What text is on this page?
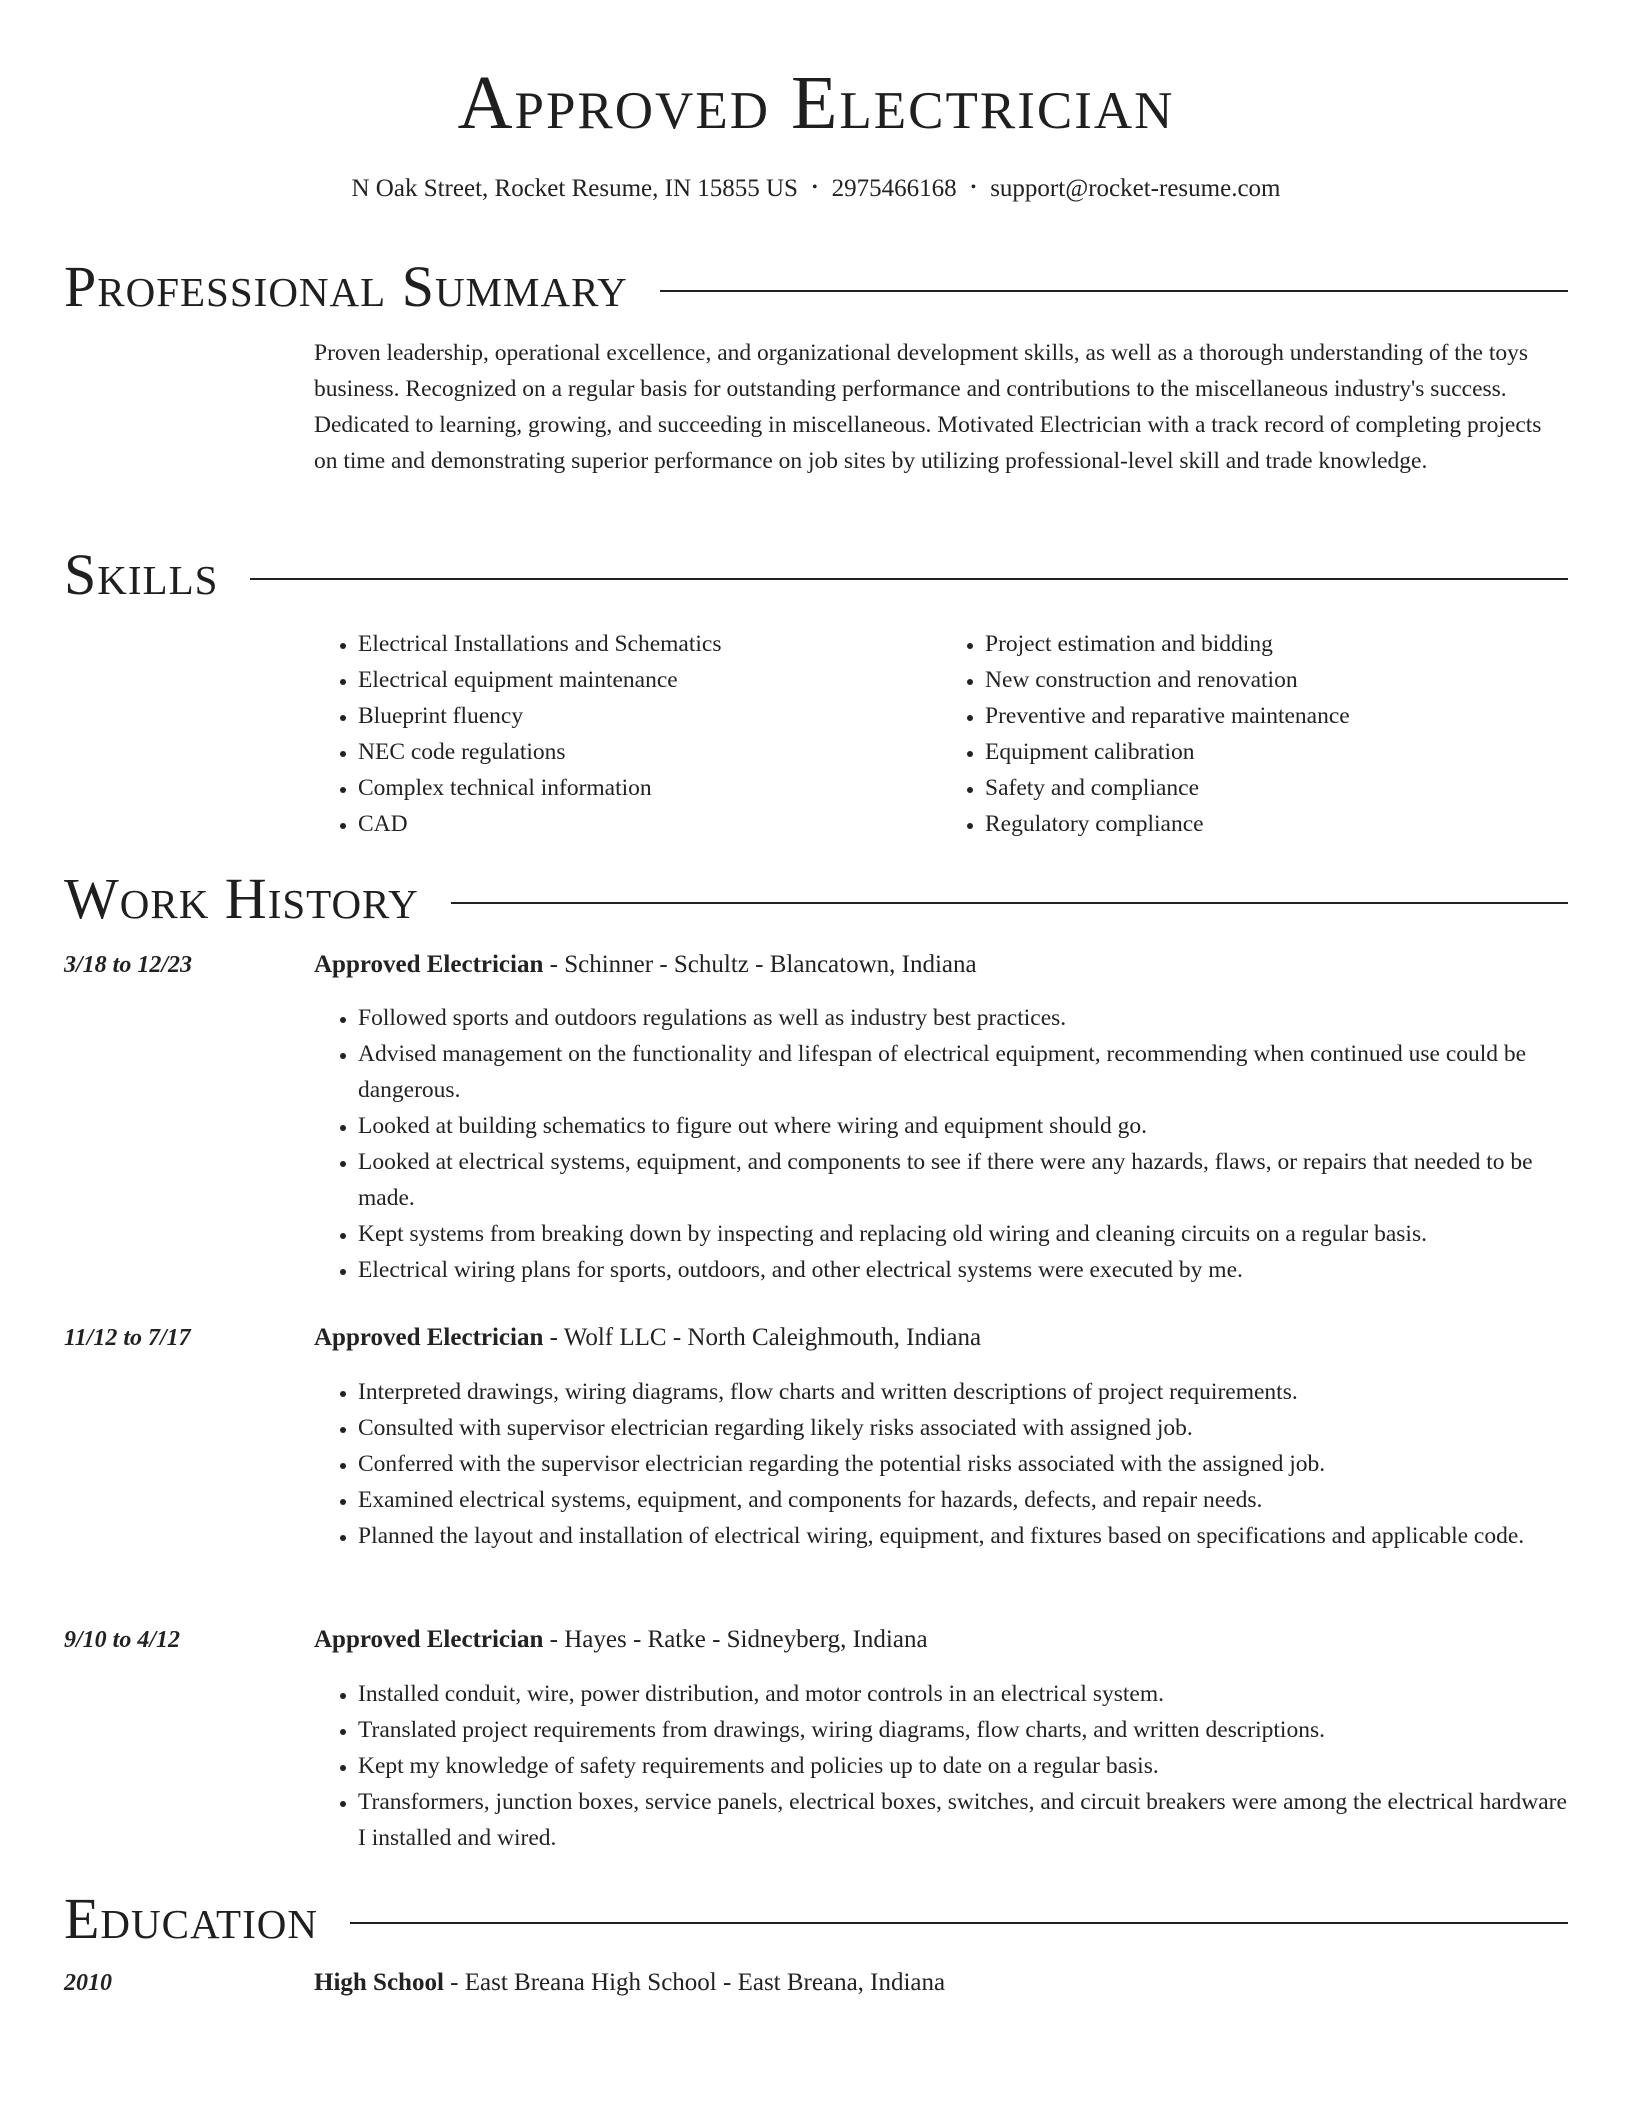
Approved Electrician
N Oak Street, Rocket Resume, IN 15855 US • 2975466168 • support@rocket-resume.com
Professional Summary
Proven leadership, operational excellence, and organizational development skills, as well as a thorough understanding of the toys business. Recognized on a regular basis for outstanding performance and contributions to the miscellaneous industry's success. Dedicated to learning, growing, and succeeding in miscellaneous. Motivated Electrician with a track record of completing projects on time and demonstrating superior performance on job sites by utilizing professional-level skill and trade knowledge.
Skills
• Electrical Installations and Schematics
• Electrical equipment maintenance
• Blueprint fluency
• NEC code regulations
• Complex technical information
• CAD
• Project estimation and bidding
• New construction and renovation
• Preventive and reparative maintenance
• Equipment calibration
• Safety and compliance
• Regulatory compliance
Work History
3/18 to 12/23	Approved Electrician - Schinner - Schultz - Blancatown, Indiana
• Followed sports and outdoors regulations as well as industry best practices.
• Advised management on the functionality and lifespan of electrical equipment, recommending when continued use could be dangerous.
• Looked at building schematics to figure out where wiring and equipment should go.
• Looked at electrical systems, equipment, and components to see if there were any hazards, flaws, or repairs that needed to be made.
• Kept systems from breaking down by inspecting and replacing old wiring and cleaning circuits on a regular basis.
• Electrical wiring plans for sports, outdoors, and other electrical systems were executed by me.
11/12 to 7/17	Approved Electrician - Wolf LLC - North Caleighmouth, Indiana
• Interpreted drawings, wiring diagrams, flow charts and written descriptions of project requirements.
• Consulted with supervisor electrician regarding likely risks associated with assigned job.
• Conferred with the supervisor electrician regarding the potential risks associated with the assigned job.
• Examined electrical systems, equipment, and components for hazards, defects, and repair needs.
• Planned the layout and installation of electrical wiring, equipment, and fixtures based on specifications and applicable code.
9/10 to 4/12	Approved Electrician - Hayes - Ratke - Sidneyberg, Indiana
• Installed conduit, wire, power distribution, and motor controls in an electrical system.
• Translated project requirements from drawings, wiring diagrams, flow charts, and written descriptions.
• Kept my knowledge of safety requirements and policies up to date on a regular basis.
• Transformers, junction boxes, service panels, electrical boxes, switches, and circuit breakers were among the electrical hardware I installed and wired.
Education
2010	High School - East Breana High School - East Breana, Indiana
